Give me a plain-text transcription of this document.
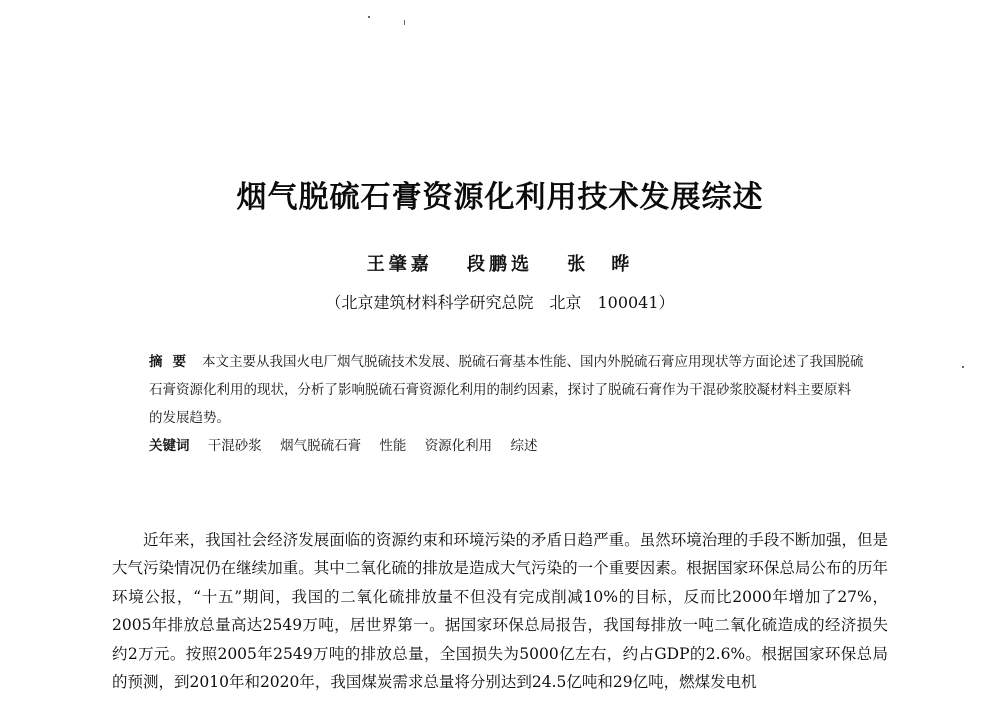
烟气脱硫石膏资源化利用技术发展综述
王肇嘉 段鹏选 张　晔
（北京建筑材料科学研究总院　北京　100041）
摘要 本文主要从我国火电厂烟气脱硫技术发展、脱硫石膏基本性能、国内外脱硫石膏应用现状等方面论述了我国脱硫石膏资源化利用的现状，分析了影响脱硫石膏资源化利用的制约因素，探讨了脱硫石膏作为干混砂浆胶凝材料主要原料的发展趋势。
关键词 干混砂浆 烟气脱硫石膏 性能 资源化利用 综述

近年来，我国社会经济发展面临的资源约束和环境污染的矛盾日趋严重。虽然环境治理的手段不断加强，但是大气污染情况仍在继续加重。其中二氧化硫的排放是造成大气污染的一个重要因素。根据国家环保总局公布的历年环境公报，“十五”期间，我国的二氧化硫排放量不但没有完成削减10%的目标，反而比2000年增加了27%，2005年排放总量高达2549万吨，居世界第一。据国家环保总局报告，我国每排放一吨二氧化硫造成的经济损失约2万元。按照2005年2549万吨的排放总量，全国损失为5000亿左右，约占GDP的2.6%。根据国家环保总局的预测，到2010年和2020年，我国煤炭需求总量将分别达到24.5亿吨和29亿吨，燃煤发电机
